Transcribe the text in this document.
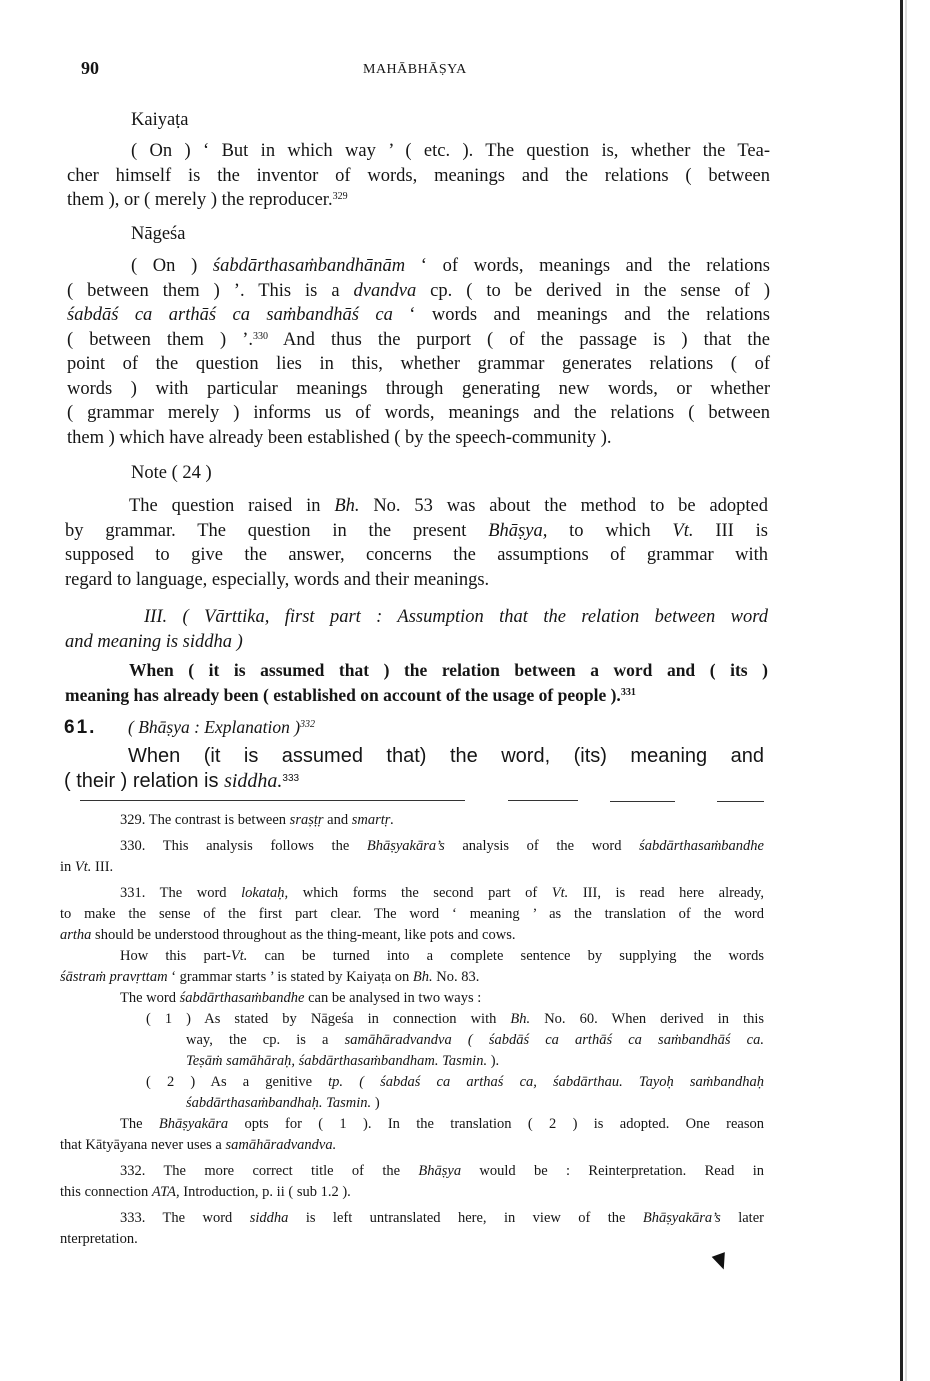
90	MAHĀBHĀṢYA
Kaiyaṭa
( On ) ‘ But in which way ’ ( etc. ). The question is, whether the Tea-
cher himself is the inventor of words, meanings and the relations ( between
them ), or ( merely ) the reproducer.$^{329}$
Nāgeśa
( On ) śabdārthasaṁbandhānām ‘ of words, meanings and the relations
( between them ) ’. This is a dvandva cp. ( to be derived in the sense of )
śabdāś ca arthāś ca saṁbandhāś ca ‘ words and meanings and the relations
( between them ) ’.$^{330}$ And thus the purport ( of the passage is ) that the
point of the question lies in this, whether grammar generates relations ( of
words ) with particular meanings through generating new words, or whether
( grammar merely ) informs us of words, meanings and the relations ( between
them ) which have already been established ( by the speech-community ).
Note ( 24 )
The question raised in Bh. No. 53 was about the method to be adopted
by grammar. The question in the present Bhāṣya, to which Vt. III is
supposed to give the answer, concerns the assumptions of grammar with
regard to language, especially, words and their meanings.
III. ( Vārttika, first part : Assumption that the relation between word
and meaning is siddha )
When ( it is assumed that ) the relation between a word and ( its )
meaning has already been ( established on account of the usage of people ).$^{331}$
61. ( Bhāṣya : Explanation )$^{332}$
When (it is assumed that) the word, (its) meaning and
( their ) relation is siddha.$^{333}$
329. The contrast is between sraṣṭṛ and smartṛ.
330. This analysis follows the Bhāṣyakāra’s analysis of the word śabdārthasaṁbandhe
in Vt. III.
331. The word lokataḥ, which forms the second part of Vt. III, is read here already,
to make the sense of the first part clear. The word ‘ meaning ’ as the translation of the word
artha should be understood throughout as the thing-meant, like pots and cows.
How this part-Vt. can be turned into a complete sentence by supplying the words
śāstraṁ pravṛttam ‘ grammar starts ’ is stated by Kaiyaṭa on Bh. No. 83.
The word śabdārthasaṁbandhe can be analysed in two ways :
( 1 ) As stated by Nāgeśa in connection with Bh. No. 60. When derived in this
way, the cp. is a samāhāradvandva ( śabdāś ca arthāś ca saṁbandhāś ca.
Teṣāṁ samāhāraḥ, śabdārthasaṁbandham. Tasmin. ).
( 2 ) As a genitive tp. ( śabdaś ca arthaś ca, śabdārthau. Tayoḥ saṁbandhaḥ
śabdārthasaṁbandhaḥ. Tasmin. )
The Bhāṣyakāra opts for ( 1 ). In the translation ( 2 ) is adopted. One reason
that Kātyāyana never uses a samāhāradvandva.
332. The more correct title of the Bhāṣya would be : Reinterpretation. Read in
this connection ATA, Introduction, p. ii ( sub 1.2 ).
333. The word siddha is left untranslated here, in view of the Bhāṣyakāra’s later
nterpretation.
